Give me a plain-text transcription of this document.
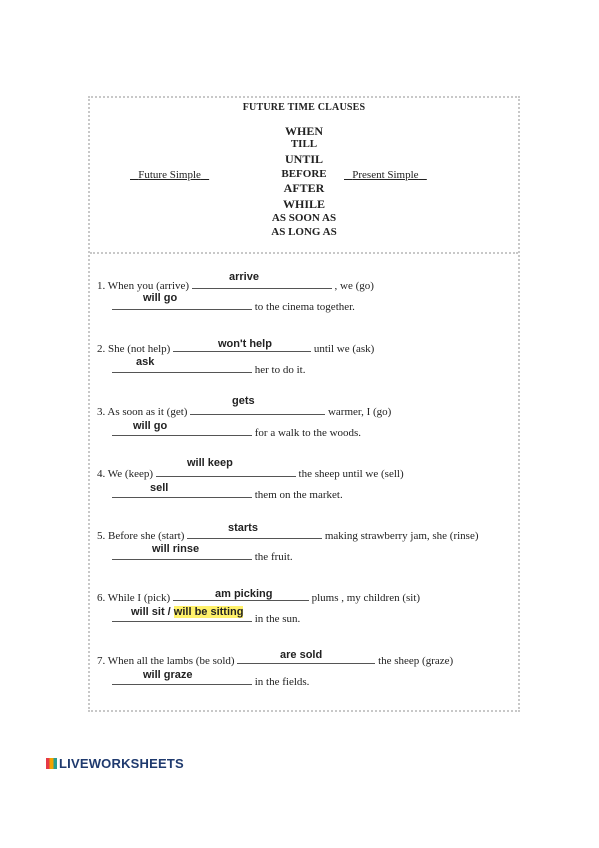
FUTURE TIME CLAUSES
WHEN
TILL
UNTIL
BEFORE
AFTER
WHILE
AS SOON AS
AS LONG AS
Future Simple	Present Simple
1. When you (arrive)	, we (go)
to the cinema together.
arrive
will go
2. She (not help)	until we (ask)
her to do it.
won't help
ask
3. As soon as it (get)	warmer, I (go)
for a walk to the woods.
gets
will go
4. We (keep)	the sheep until we (sell)
them on the market.
will keep
sell
5. Before she (start)	making strawberry jam, she (rinse)
the fruit.
starts
will rinse
6. While I (pick)	plums , my children (sit)
in the sun.
am picking
will sit / will be sitting
7. When all the lambs (be sold)	the sheep (graze)
in the fields.
are sold
will graze
LIVEWORKSHEETS
